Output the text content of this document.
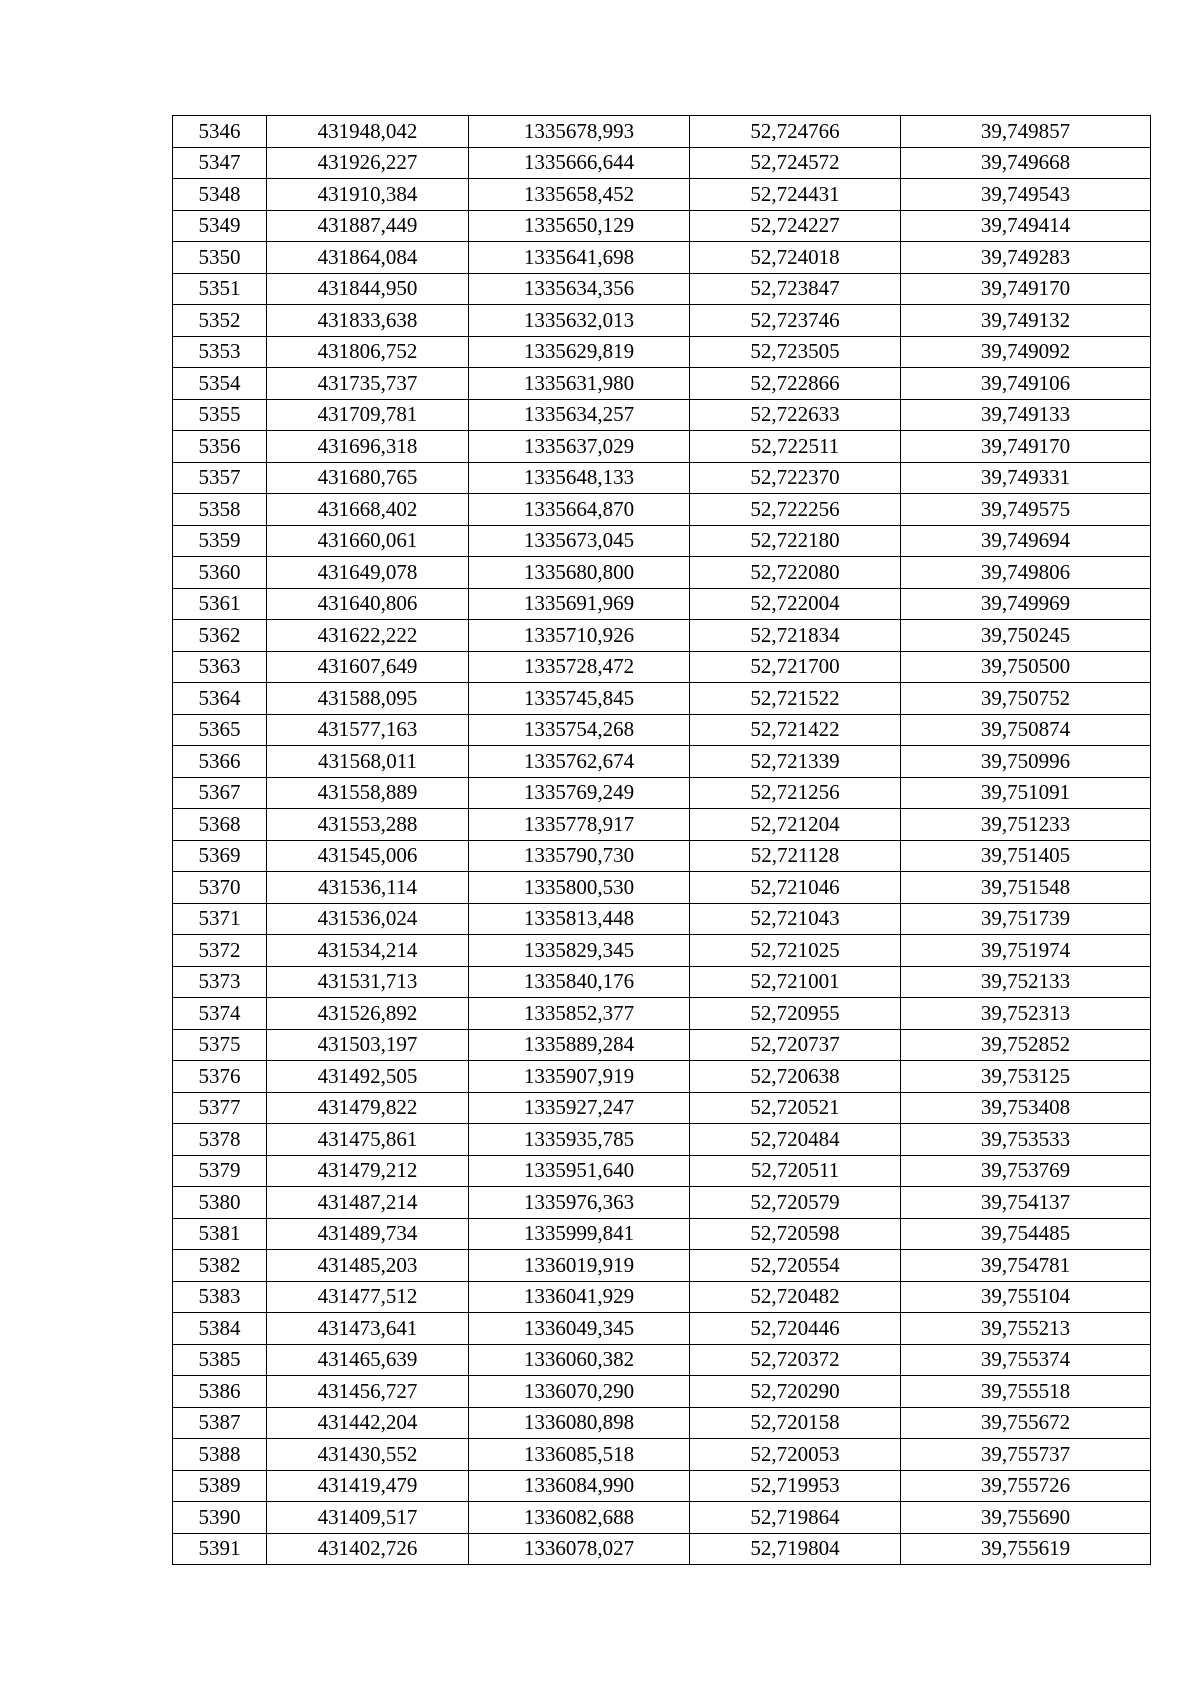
5346	431948,042	1335678,993	52,724766	39,749857
5347	431926,227	1335666,644	52,724572	39,749668
5348	431910,384	1335658,452	52,724431	39,749543
5349	431887,449	1335650,129	52,724227	39,749414
5350	431864,084	1335641,698	52,724018	39,749283
5351	431844,950	1335634,356	52,723847	39,749170
5352	431833,638	1335632,013	52,723746	39,749132
5353	431806,752	1335629,819	52,723505	39,749092
5354	431735,737	1335631,980	52,722866	39,749106
5355	431709,781	1335634,257	52,722633	39,749133
5356	431696,318	1335637,029	52,722511	39,749170
5357	431680,765	1335648,133	52,722370	39,749331
5358	431668,402	1335664,870	52,722256	39,749575
5359	431660,061	1335673,045	52,722180	39,749694
5360	431649,078	1335680,800	52,722080	39,749806
5361	431640,806	1335691,969	52,722004	39,749969
5362	431622,222	1335710,926	52,721834	39,750245
5363	431607,649	1335728,472	52,721700	39,750500
5364	431588,095	1335745,845	52,721522	39,750752
5365	431577,163	1335754,268	52,721422	39,750874
5366	431568,011	1335762,674	52,721339	39,750996
5367	431558,889	1335769,249	52,721256	39,751091
5368	431553,288	1335778,917	52,721204	39,751233
5369	431545,006	1335790,730	52,721128	39,751405
5370	431536,114	1335800,530	52,721046	39,751548
5371	431536,024	1335813,448	52,721043	39,751739
5372	431534,214	1335829,345	52,721025	39,751974
5373	431531,713	1335840,176	52,721001	39,752133
5374	431526,892	1335852,377	52,720955	39,752313
5375	431503,197	1335889,284	52,720737	39,752852
5376	431492,505	1335907,919	52,720638	39,753125
5377	431479,822	1335927,247	52,720521	39,753408
5378	431475,861	1335935,785	52,720484	39,753533
5379	431479,212	1335951,640	52,720511	39,753769
5380	431487,214	1335976,363	52,720579	39,754137
5381	431489,734	1335999,841	52,720598	39,754485
5382	431485,203	1336019,919	52,720554	39,754781
5383	431477,512	1336041,929	52,720482	39,755104
5384	431473,641	1336049,345	52,720446	39,755213
5385	431465,639	1336060,382	52,720372	39,755374
5386	431456,727	1336070,290	52,720290	39,755518
5387	431442,204	1336080,898	52,720158	39,755672
5388	431430,552	1336085,518	52,720053	39,755737
5389	431419,479	1336084,990	52,719953	39,755726
5390	431409,517	1336082,688	52,719864	39,755690
5391	431402,726	1336078,027	52,719804	39,755619
